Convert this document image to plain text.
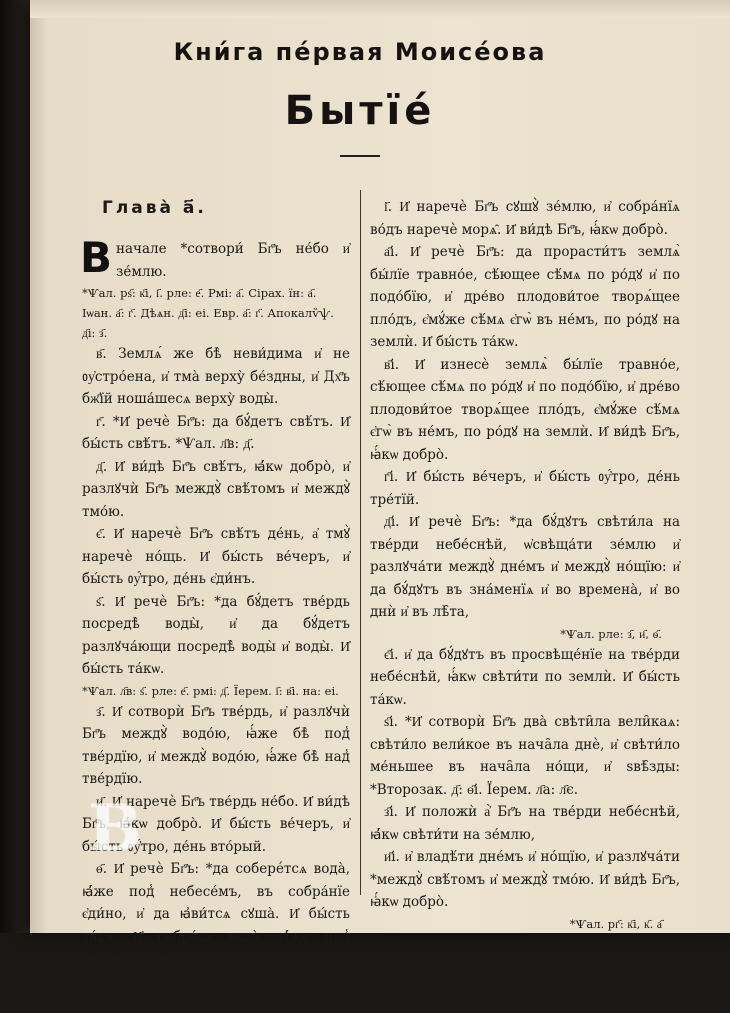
Кни́га пе́рвая Моисе́ова
Бытїе́
Глава̀ а҃.

Вначале *сотвори́ Бг҃ъ не́бо и҆ зе́млю.

*Ѱал. рѕ҃: к҃і, і҃. рле: е҃. Рмі: а҃. Сірах. їн: а҃. Іѡан. а҃: г҃. Дѣѧн. д҃і: еі. Евр. а҃: г҃. Апокалѷѱ. д҃і: з҃.

в҃. Землѧ́ же бѣ̀ неви́дима и҆ не ᲂу҆стро́ена, и҆ тма̀ верху̀ бе́здны, и҆ Дх҃ъ бж҃їй ноша́шесѧ верху̀ воды̀.

г҃. *И҆ речѐ Бг҃ъ: да бꙋ́детъ свѣ́тъ. И҆ бы́сть свѣ́тъ. *Ѱал. л҃в: д҃.

д҃. И҆ ви́дѣ Бг҃ъ свѣ́тъ, ꙗ҆́кѡ добро̀, и҆ разлꙋчѝ Бг҃ъ междꙋ̀ свѣ́томъ и҆ междꙋ̀ тмо́ю.

є҃. И҆ наречѐ Бг҃ъ свѣ́тъ де́нь, а҆ тмꙋ̀ наречѐ но́щь. И҆ бы́сть ве́черъ, и҆ бы́сть ᲂу҆́тро, де́нь є҆ди́нъ.

ѕ҃. И҆ речѐ Бг҃ъ: *да бꙋ́детъ тве́рдь посредѣ̀ воды̀, и҆ да бꙋ́детъ разлꙋча́ющи посредѣ̀ воды̀ и҆ воды̀. И҆ бы́сть та́кѡ.

*Ѱал. л҃в: ѕ҃. рле: е҃. рмі: д҃. Їерем. і҃: в҃і. на: еі.

з҃. И҆ сотворѝ Бг҃ъ тве́рдь, и҆ разлꙋчѝ Бг҃ъ междꙋ̀ водо́ю, ꙗ҆́же бѣ̀ под̾ тве́рдїю, и҆ междꙋ̀ водо́ю, ꙗ҆́же бѣ̀ над̾ тве́рдїю.

и҃. И҆ наречѐ Бг҃ъ тве́рдь не́бо. И҆ ви́дѣ Бг҃ъ, ꙗ҆́кѡ добро̀. И҆ бы́сть ве́черъ, и҆ бы́сть ᲂу҆́тро, де́нь вто́рый.

ѳ҃. И҆ речѐ Бг҃ъ: *да соберéтсѧ вода̀, ꙗ҆́же под̾ небесе́мъ, въ собра́нїе є҆ди́но, и҆ да ꙗ҆ви́тсѧ сꙋша̀. И҆ бы́сть та́кѡ. И҆ собра́сѧ вода̀, ꙗ҆́же под̾ небесе́мъ, въ собра́нїѧ своѧ̑, и҆ ꙗ҆ви́сѧ сꙋша̀.

*Ѱал. л҃в: з҃. рле: ѕ҃.

і҃. И҆ наречѐ Бг҃ъ сꙋшꙋ̀ зе́млю, и҆ собра́нїѧ во́дъ наречѐ морѧ̑. И҆ ви́дѣ Бг҃ъ, ꙗ҆́кѡ добро̀.

а҃і. И҆ речѐ Бг҃ъ: да прорасти́тъ землѧ̀ бы́лїе травно́е, сѣ́ющее сѣ́мѧ по ро́дꙋ и҆ по подо́бїю, и҆ дре́во плодови́тое творѧ́щее пло́дъ, є҆мꙋ́же сѣ́мѧ є҆гѡ̀ въ не́мъ, по ро́дꙋ на землѝ. И҆ бы́сть та́кѡ.

в҃і. И҆ изнесѐ землѧ̀ бы́лїе травно́е, сѣ́ющее сѣ́мѧ по ро́дꙋ и҆ по подо́бїю, и҆ дре́во плодови́тое творѧ́щее пло́дъ, є҆мꙋ́же сѣ́мѧ є҆гѡ̀ въ не́мъ, по ро́дꙋ на землѝ. И҆ ви́дѣ Бг҃ъ, ꙗ҆́кѡ добро̀.

г҃і. И҆ бы́сть ве́черъ, и҆ бы́сть ᲂу҆́тро, де́нь тре́тїй.

д҃і. И҆ речѐ Бг҃ъ: *да бꙋ́дꙋтъ свѣти́ла на тве́рди небе́снѣй, ѡ҆свѣща́ти зе́млю и҆ разлꙋча́ти междꙋ̀ дне́мъ и҆ междꙋ̀ но́щїю: и҆ да бꙋ́дꙋтъ въ зна́менїѧ и҆ во времена̀, и҆ во днѝ и҆ въ лѣ̑та,

*Ѱал. рле: з҃, и҃, ѳ҃.

є҃і. и҆ да бꙋ́дꙋтъ въ просвѣще́нїе на тве́рди небе́снѣй, ꙗ҆́кѡ свѣти́ти по землѝ. И҆ бы́сть та́кѡ.

ѕ҃і. *И҆ сотворѝ Бг҃ъ два̀ свѣти̑ла вели̑каѧ: свѣти́ло вели́кое въ нача̑ла днѐ, и҆ свѣти́ло ме́ньшее въ нача̑ла но́щи, и҆ ѕвѣ̑зды: *Второзак. д҃: ѳ҃і. Їерем. л҃а: л҃є.

з҃і. И҆ положѝ а҆̀ Бг҃ъ на тве́рди небе́снѣй, ꙗ҆́кѡ свѣти́ти на зе́млю,

и҃і. и҆ владѣ́ти дне́мъ и҆ но́щїю, и҆ разлꙋча́ти *междꙋ̀ свѣ́томъ и҆ междꙋ̀ тмо́ю. И҆ ви́дѣ Бг҃ъ, ꙗ҆́кѡ добро̀.

*Ѱал. рг҃: к҃і, к҃. а҃

B
